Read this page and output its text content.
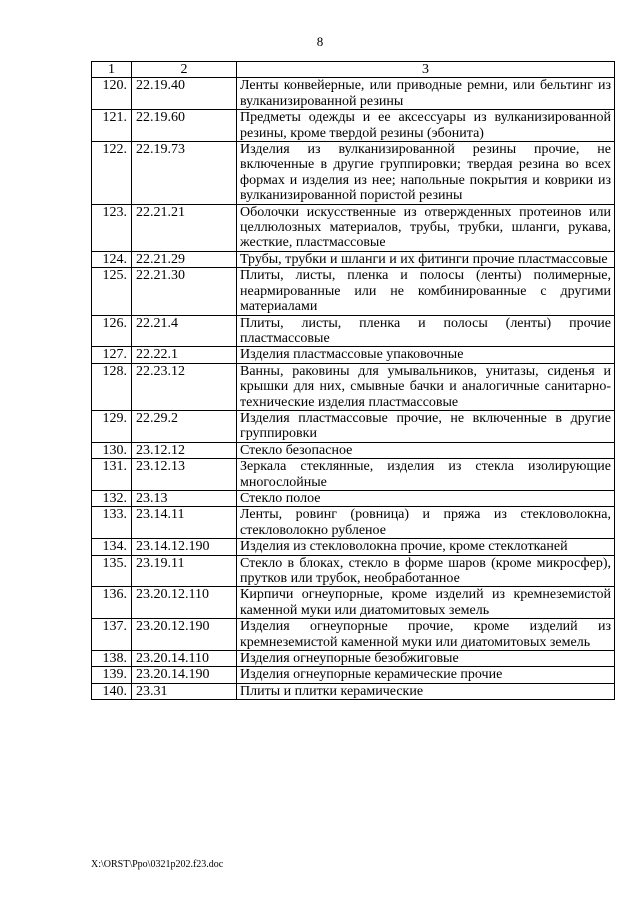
8
1	2	3
120.	22.19.40	Ленты конвейерные, или приводные ремни, или бельтинг из вулканизированной резины
121.	22.19.60	Предметы одежды и ее аксессуары из вулканизированной резины, кроме твердой резины (эбонита)
122.	22.19.73	Изделия из вулканизированной резины прочие, не включенные в другие группировки; твердая резина во всех формах и изделия из нее; напольные покрытия и коврики из вулканизированной пористой резины
123.	22.21.21	Оболочки искусственные из отвержденных протеинов или целлюлозных материалов, трубы, трубки, шланги, рукава, жесткие, пластмассовые
124.	22.21.29	Трубы, трубки и шланги и их фитинги прочие пластмассовые
125.	22.21.30	Плиты, листы, пленка и полосы (ленты) полимерные, неармированные или не комбинированные с другими материалами
126.	22.21.4	Плиты, листы, пленка и полосы (ленты) прочие пластмассовые
127.	22.22.1	Изделия пластмассовые упаковочные
128.	22.23.12	Ванны, раковины для умывальников, унитазы, сиденья и крышки для них, смывные бачки и аналогичные санитарно-технические изделия пластмассовые
129.	22.29.2	Изделия пластмассовые прочие, не включенные в другие группировки
130.	23.12.12	Стекло безопасное
131.	23.12.13	Зеркала стеклянные, изделия из стекла изолирующие многослойные
132.	23.13	Стекло полое
133.	23.14.11	Ленты, ровинг (ровница) и пряжа из стекловолокна, стекловолокно рубленое
134.	23.14.12.190	Изделия из стекловолокна прочие, кроме стеклотканей
135.	23.19.11	Стекло в блоках, стекло в форме шаров (кроме микросфер), прутков или трубок, необработанное
136.	23.20.12.110	Кирпичи огнеупорные, кроме изделий из кремнеземистой каменной муки или диатомитовых земель
137.	23.20.12.190	Изделия огнеупорные прочие, кроме изделий из кремнеземистой каменной муки или диатомитовых земель
138.	23.20.14.110	Изделия огнеупорные безобжиговые
139.	23.20.14.190	Изделия огнеупорные керамические прочие
140.	23.31	Плиты и плитки керамические
X:\ORST\Ppo\0321p202.f23.doc
